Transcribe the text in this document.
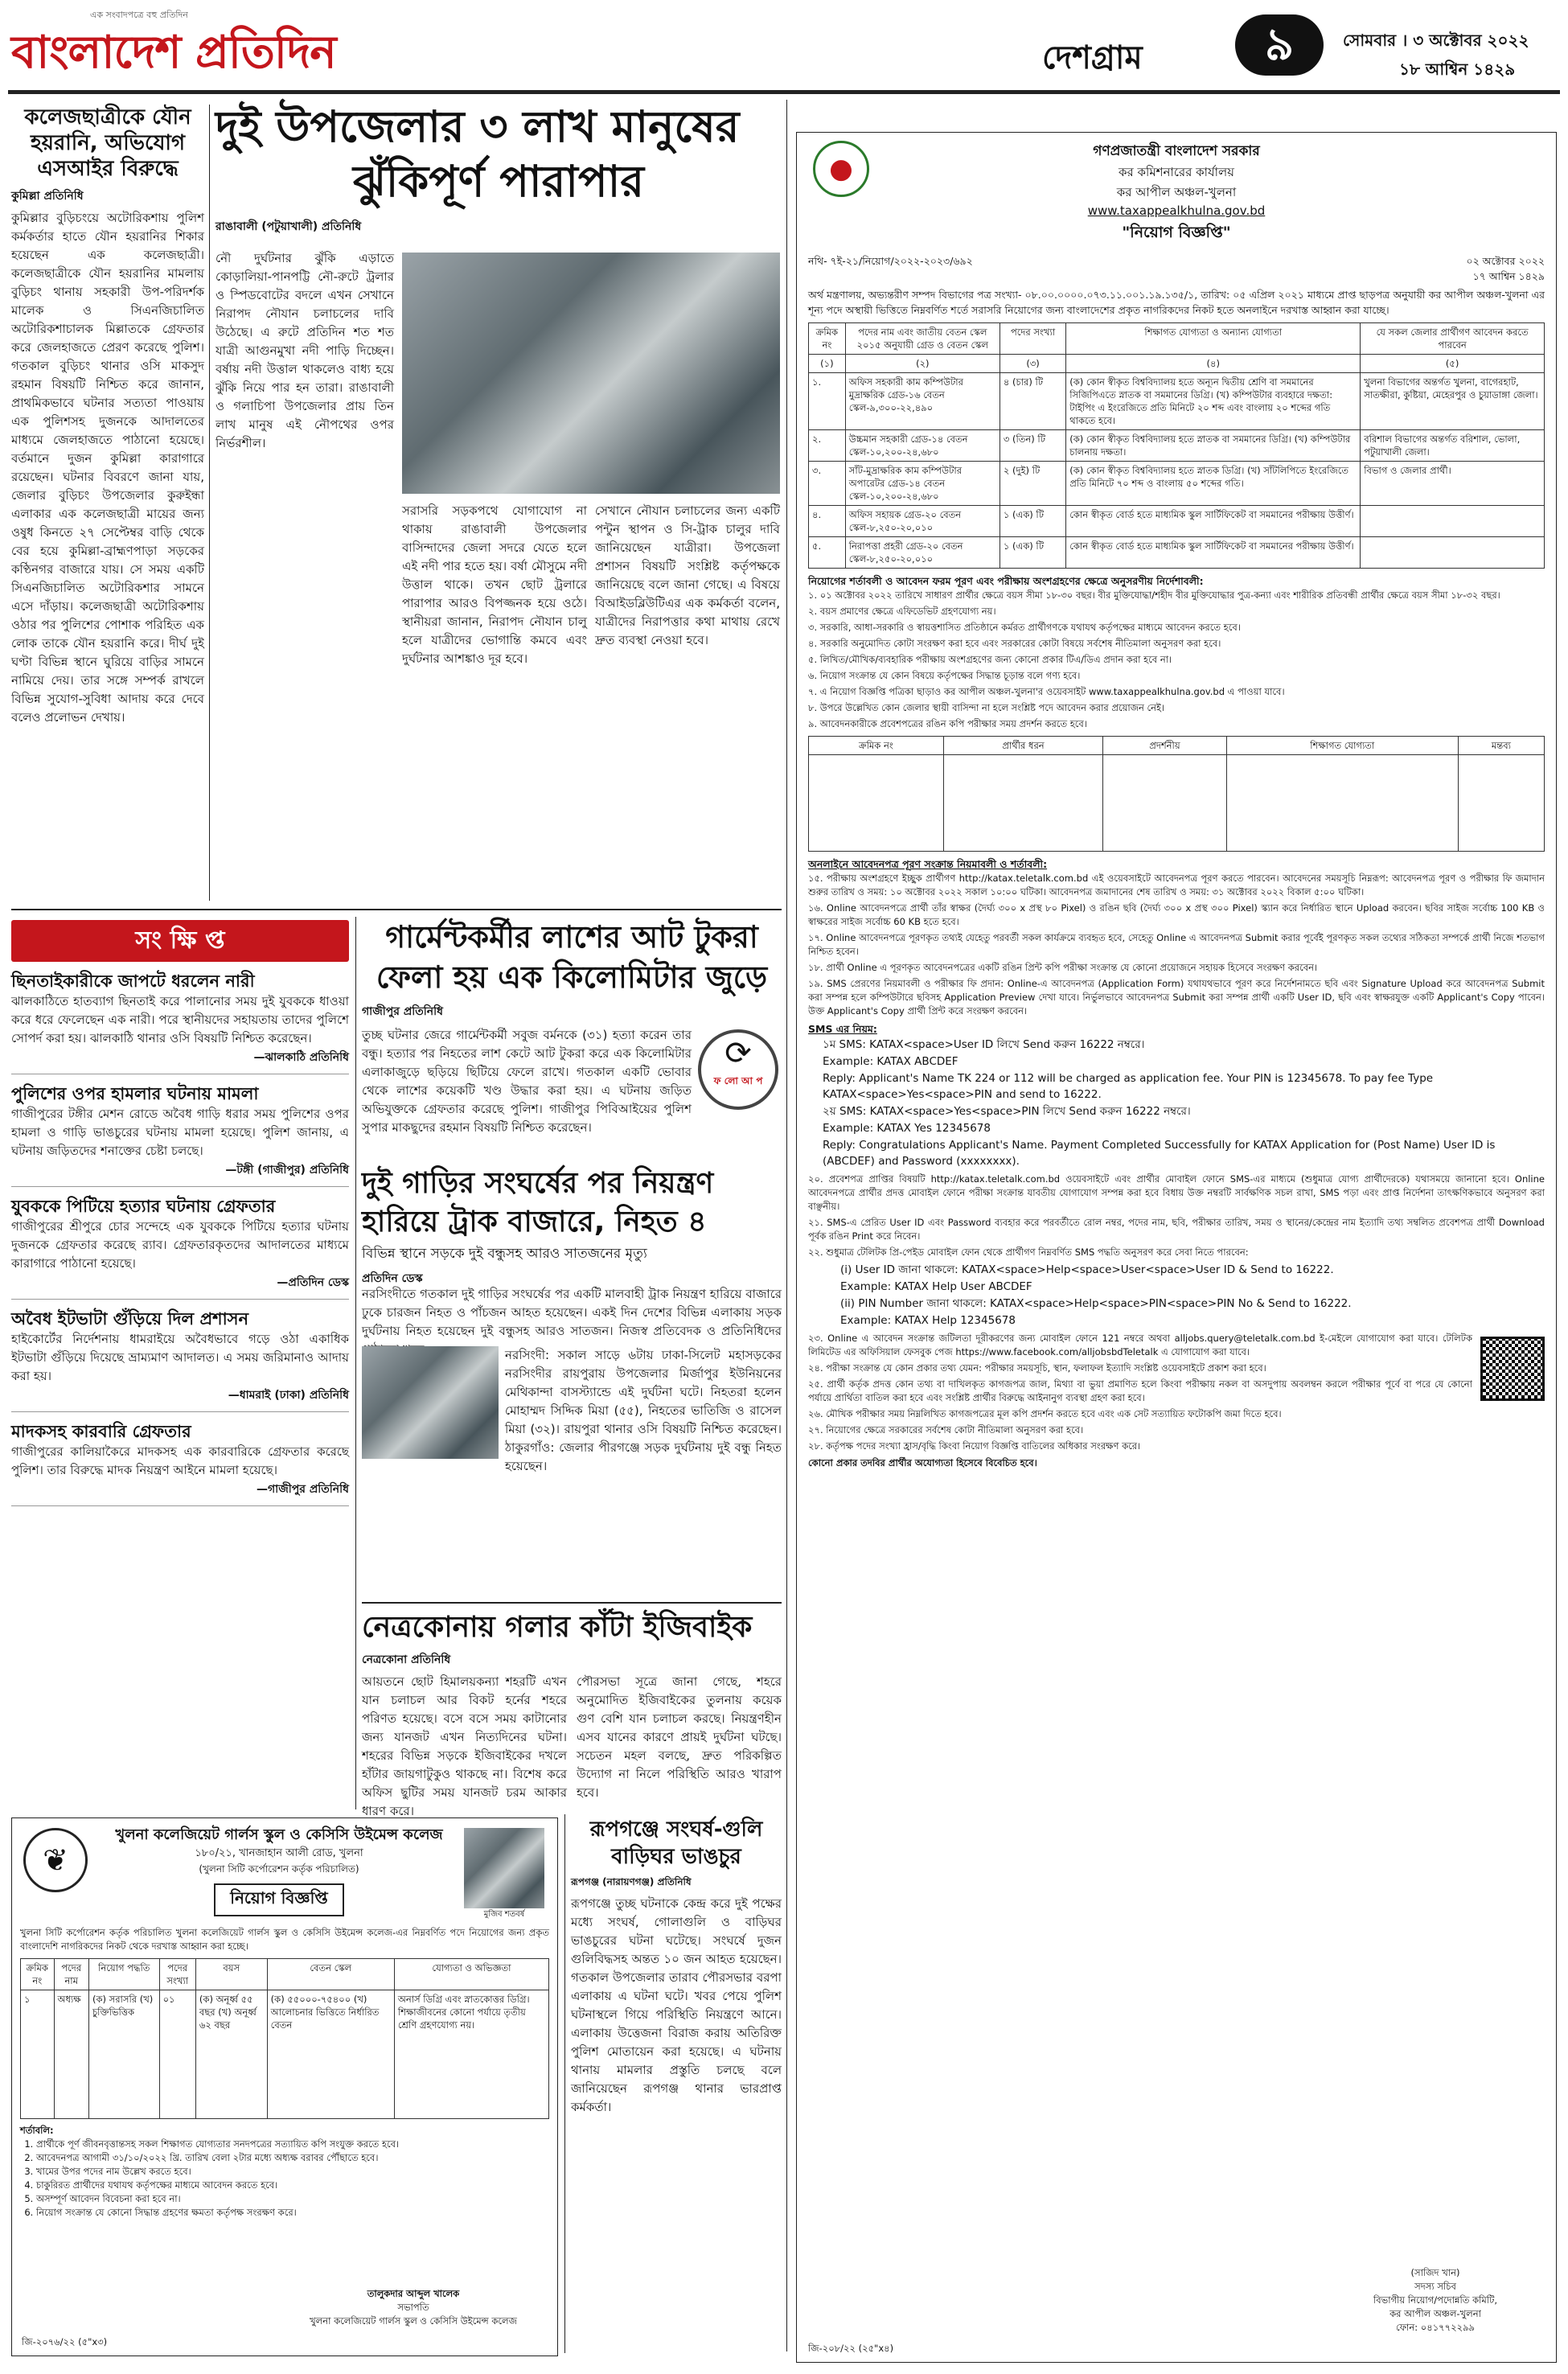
এক সংবাদপত্রে বহু প্রতিদিন
বাংলাদেশ প্রতিদিন	দেশগ্রাম	৯	সোমবার । ৩ অক্টোবর ২০২২
১৮ আশ্বিন ১৪২৯
কলেজছাত্রীকে যৌন হয়রানি, অভিযোগ এসআইর বিরুদ্ধে
কুমিল্লা প্রতিনিধি
কুমিল্লার বুড়িচংয়ে অটোরিকশায় পুলিশ কর্মকর্তার হাতে যৌন হয়রানির শিকার হয়েছেন এক কলেজছাত্রী। কলেজছাত্রীকে যৌন হয়রানির মামলায় বুড়িচং থানায় সহকারী উপ-পরিদর্শক মালেক ও সিএনজিচালিত অটোরিকশাচালক মিল্লাতকে গ্রেফতার করে জেলহাজতে প্রেরণ করেছে পুলিশ। গতকাল বুড়িচং থানার ওসি মাকসুদ রহমান বিষয়টি নিশ্চিত করে জানান, প্রাথমিকভাবে ঘটনার সত্যতা পাওয়ায় এক পুলিশসহ দুজনকে আদালতের মাধ্যমে জেলহাজতে পাঠানো হয়েছে। বর্তমানে দুজন কুমিল্লা কারাগারে রয়েছেন। ঘটনার বিবরণে জানা যায়, জেলার বুড়িচং উপজেলার কুরুইন্ধা এলাকার এক কলেজছাত্রী মায়ের জন্য ওষুধ কিনতে ২৭ সেপ্টেম্বর বাড়ি থেকে বের হয়ে কুমিল্লা-ব্রাহ্মণপাড়া সড়কের কণ্ঠিনগর বাজারে যায়। সে সময় একটি সিএনজিচালিত অটোরিকশার সামনে এসে দাঁড়ায়। কলেজছাত্রী অটোরিকশায় ওঠার পর পুলিশের পোশাক পরিহিত এক লোক তাকে যৌন হয়রানি করে। দীর্ঘ দুই ঘণ্টা বিভিন্ন স্থানে ঘুরিয়ে বাড়ির সামনে নামিয়ে দেয়। তার সঙ্গে সম্পর্ক রাখলে বিভিন্ন সুযোগ-সুবিধা আদায় করে দেবে বলেও প্রলোভন দেখায়।
দুই উপজেলার ৩ লাখ মানুষের
ঝুঁকিপূর্ণ পারাপার
রাঙাবালী (পটুয়াখালী) প্রতিনিধি
নৌ দুর্ঘটনার ঝুঁকি এড়াতে কোড়ালিয়া-পানপট্টি নৌ-রুটে ট্রলার ও স্পিডবোটের বদলে এখন সেখানে নিরাপদ নৌযান চলাচলের দাবি উঠেছে। এ রুটে প্রতিদিন শত শত যাত্রী আগুনমুখা নদী পাড়ি দিচ্ছেন। বর্ষায় নদী উত্তাল থাকলেও বাধ্য হয়ে ঝুঁকি নিয়ে পার হন তারা। রাঙাবালী ও গলাচিপা উপজেলার প্রায় তিন লাখ মানুষ এই নৌপথের ওপর নির্ভরশীল।
সরাসরি সড়কপথে যোগাযোগ না থাকায় রাঙাবালী উপজেলার বাসিন্দাদের জেলা সদরে যেতে হলে এই নদী পার হতে হয়। বর্ষা মৌসুমে নদী উত্তাল থাকে। তখন ছোট ট্রলারে পারাপার আরও বিপজ্জনক হয়ে ওঠে। স্থানীয়রা জানান, নিরাপদ নৌযান চালু হলে যাত্রীদের ভোগান্তি কমবে এবং দুর্ঘটনার আশঙ্কাও দূর হবে।
সেখানে নৌযান চলাচলের জন্য একটি পন্টুন স্থাপন ও সি-ট্রাক চালুর দাবি জানিয়েছেন যাত্রীরা। উপজেলা প্রশাসন বিষয়টি সংশ্লিষ্ট কর্তৃপক্ষকে জানিয়েছে বলে জানা গেছে। এ বিষয়ে বিআইডব্লিউটিএর এক কর্মকর্তা বলেন, যাত্রীদের নিরাপত্তার কথা মাথায় রেখে দ্রুত ব্যবস্থা নেওয়া হবে।
সং ক্ষি প্ত
ছিনতাইকারীকে জাপটে ধরলেন নারী
ঝালকাঠিতে হাতব্যাগ ছিনতাই করে পালানোর সময় দুই যুবককে ধাওয়া করে ধরে ফেলেছেন এক নারী। পরে স্থানীয়দের সহায়তায় তাদের পুলিশে সোপর্দ করা হয়। ঝালকাঠি থানার ওসি বিষয়টি নিশ্চিত করেছেন।
—ঝালকাঠি প্রতিনিধি
পুলিশের ওপর হামলার ঘটনায় মামলা
গাজীপুরের টঙ্গীর মেশন রোডে অবৈধ গাড়ি ধরার সময় পুলিশের ওপর হামলা ও গাড়ি ভাঙচুরের ঘটনায় মামলা হয়েছে। পুলিশ জানায়, এ ঘটনায় জড়িতদের শনাক্তের চেষ্টা চলছে।
—টঙ্গী (গাজীপুর) প্রতিনিধি
যুবককে পিটিয়ে হত্যার ঘটনায় গ্রেফতার
গাজীপুরের শ্রীপুরে চোর সন্দেহে এক যুবককে পিটিয়ে হত্যার ঘটনায় দুজনকে গ্রেফতার করেছে র‍্যাব। গ্রেফতারকৃতদের আদালতের মাধ্যমে কারাগারে পাঠানো হয়েছে।
—প্রতিদিন ডেস্ক
অবৈধ ইটভাটা গুঁড়িয়ে দিল প্রশাসন
হাইকোর্টের নির্দেশনায় ধামরাইয়ে অবৈধভাবে গড়ে ওঠা একাধিক ইটভাটা গুঁড়িয়ে দিয়েছে ভ্রাম্যমাণ আদালত। এ সময় জরিমানাও আদায় করা হয়।
—ধামরাই (ঢাকা) প্রতিনিধি
মাদকসহ কারবারি গ্রেফতার
গাজীপুরের কালিয়াকৈরে মাদকসহ এক কারবারিকে গ্রেফতার করেছে পুলিশ। তার বিরুদ্ধে মাদক নিয়ন্ত্রণ আইনে মামলা হয়েছে।
—গাজীপুর প্রতিনিধি
গার্মেন্টকর্মীর লাশের আট টুকরা
ফেলা হয় এক কিলোমিটার জুড়ে
গাজীপুর প্রতিনিধি
তুচ্ছ ঘটনার জেরে গার্মেন্টকর্মী সবুজ বর্মনকে (৩১) হত্যা করেন তার বন্ধু। হত্যার পর নিহতের লাশ কেটে আট টুকরা করে এক কিলোমিটার এলাকাজুড়ে ছড়িয়ে ছিটিয়ে ফেলে রাখে। গতকাল একটি ভোবার থেকে লাশের কয়েকটি খণ্ড উদ্ধার করা হয়। এ ঘটনায় জড়িত অভিযুক্তকে গ্রেফতার করেছে পুলিশ। গাজীপুর পিবিআইয়ের পুলিশ সুপার মাকছুদের রহমান বিষয়টি নিশ্চিত করেছেন।
⟳
ফ লো আ প
দুই গাড়ির সংঘর্ষের পর নিয়ন্ত্রণ
হারিয়ে ট্রাক বাজারে, নিহত ৪
বিভিন্ন স্থানে সড়কে দুই বন্ধুসহ আরও সাতজনের মৃত্যু
প্রতিদিন ডেস্ক
নরসিংদীতে গতকাল দুই গাড়ির সংঘর্ষের পর একটি মালবাহী ট্রাক নিয়ন্ত্রণ হারিয়ে বাজারে ঢুকে চারজন নিহত ও পাঁচজন আহত হয়েছেন। একই দিন দেশের বিভিন্ন এলাকায় সড়ক দুর্ঘটনায় নিহত হয়েছেন দুই বন্ধুসহ আরও সাতজন। নিজস্ব প্রতিবেদক ও প্রতিনিধিদের
নরসিংদী: সকাল সাড়ে ৬টায় ঢাকা-সিলেট মহাসড়কের নরসিংদীর রায়পুরায় উপজেলার মির্জাপুর ইউনিয়নের মেথিকান্দা বাসস্ট্যান্ডে এই দুর্ঘটনা ঘটে। নিহতরা হলেন মোহাম্মদ সিদ্দিক মিয়া (৫৫), নিহতের ভাতিজি ও রাসেল মিয়া (৩২)। রায়পুরা থানার ওসি বিষয়টি নিশ্চিত করেছেন। ঠাকুরগাঁও: জেলার পীরগঞ্জে সড়ক দুর্ঘটনায় দুই বন্ধু নিহত হয়েছেন।
নেত্রকোনায় গলার কাঁটা ইজিবাইক
নেত্রকোনা প্রতিনিধি
আয়তনে ছোট হিমালয়কন্যা শহরটি এখন যান চলাচল আর বিকট হর্নের শহরে পরিণত হয়েছে। বসে বসে সময় কাটানোর জন্য যানজট এখন নিত্যদিনের ঘটনা। শহরের বিভিন্ন সড়কে ইজিবাইকের দখলে হাঁটার জায়গাটুকুও থাকছে না। বিশেষ করে অফিস ছুটির সময় যানজট চরম আকার ধারণ করে।
পৌরসভা সূত্রে জানা গেছে, শহরে অনুমোদিত ইজিবাইকের তুলনায় কয়েক গুণ বেশি যান চলাচল করছে। নিয়ন্ত্রণহীন এসব যানের কারণে প্রায়ই দুর্ঘটনা ঘটছে। সচেতন মহল বলছে, দ্রুত পরিকল্পিত উদ্যোগ না নিলে পরিস্থিতি আরও খারাপ হবে।
❦
মুজিব শতবর্ষ
খুলনা কলেজিয়েট গার্লস স্কুল ও কেসিসি উইমেন্স কলেজ
১৮০/২১, খানজাহান আলী রোড, খুলনা
(খুলনা সিটি কর্পোরেশন কর্তৃক পরিচালিত)
নিয়োগ বিজ্ঞপ্তি
খুলনা সিটি কর্পোরেশন কর্তৃক পরিচালিত খুলনা কলেজিয়েট গার্লস স্কুল ও কেসিসি উইমেন্স কলেজ-এর নিম্নবর্ণিত পদে নিয়োগের জন্য প্রকৃত বাংলাদেশি নাগরিকদের নিকট থেকে দরখাস্ত আহ্বান করা হচ্ছে।
ক্রমিক নং	পদের নাম	নিয়োগ পদ্ধতি	পদের সংখ্যা	বয়স	বেতন স্কেল	যোগ্যতা ও অভিজ্ঞতা
১	অধ্যক্ষ	(ক) সরাসরি (খ) চুক্তিভিত্তিক	০১	(ক) অনূর্ধ্ব ৫৫ বছর (খ) অনূর্ধ্ব ৬২ বছর	(ক) ৫৫০০০-৭৫৪০০ (খ) আলোচনার ভিত্তিতে নির্ধারিত বেতন	অনার্স ডিগ্রি এবং স্নাতকোত্তর ডিগ্রি। শিক্ষাজীবনের কোনো পর্যায়ে তৃতীয় শ্রেণি গ্রহণযোগ্য নয়।
শর্তাবলি:
1. প্রার্থীকে পূর্ণ জীবনবৃত্তান্তসহ সকল শিক্ষাগত যোগ্যতার সনদপত্রের সত্যায়িত কপি সংযুক্ত করতে হবে।
2. আবেদনপত্র আগামী ৩১/১০/২০২২ খ্রি. তারিখ বেলা ২টার মধ্যে অধ্যক্ষ বরাবর পৌঁছাতে হবে।
3. খামের উপর পদের নাম উল্লেখ করতে হবে।
4. চাকুরিরত প্রার্থীদের যথাযথ কর্তৃপক্ষের মাধ্যমে আবেদন করতে হবে।
5. অসম্পূর্ণ আবেদন বিবেচনা করা হবে না।
6. নিয়োগ সংক্রান্ত যে কোনো সিদ্ধান্ত গ্রহণের ক্ষমতা কর্তৃপক্ষ সংরক্ষণ করে।
তালুকদার আব্দুল খালেক
সভাপতি
খুলনা কলেজিয়েট গার্লস স্কুল ও কেসিসি উইমেন্স কলেজ
জি-২০৭৬/২২ (৫"x৩)
রূপগঞ্জে সংঘর্ষ-গুলি
বাড়িঘর ভাঙচুর
রূপগঞ্জ (নারায়ণগঞ্জ) প্রতিনিধি
রূপগঞ্জে তুচ্ছ ঘটনাকে কেন্দ্র করে দুই পক্ষের মধ্যে সংঘর্ষ, গোলাগুলি ও বাড়িঘর ভাঙচুরের ঘটনা ঘটেছে। সংঘর্ষে দুজন গুলিবিদ্ধসহ অন্তত ১০ জন আহত হয়েছেন। গতকাল উপজেলার তারাব পৌরসভার বরপা এলাকায় এ ঘটনা ঘটে। খবর পেয়ে পুলিশ ঘটনাস্থলে গিয়ে পরিস্থিতি নিয়ন্ত্রণে আনে। এলাকায় উত্তেজনা বিরাজ করায় অতিরিক্ত পুলিশ মোতায়েন করা হয়েছে। এ ঘটনায় থানায় মামলার প্রস্তুতি চলছে বলে জানিয়েছেন রূপগঞ্জ থানার ভারপ্রাপ্ত কর্মকর্তা।
গণপ্রজাতন্ত্রী বাংলাদেশ সরকার
কর কমিশনারের কার্যালয়
কর আপীল অঞ্চল-খুলনা
www.taxappealkhulna.gov.bd
"নিয়োগ বিজ্ঞপ্তি"
●
নথি- ৭ই-২১/নিয়োগ/২০২২-২০২৩/৬৯২	০২ অক্টোবর ২০২২
১৭ আশ্বিন ১৪২৯
অর্থ মন্ত্রণালয়, অভ্যন্তরীণ সম্পদ বিভাগের পত্র সংখ্যা- ০৮.০০.০০০০.০৭৩.১১.০০১.১৯.১৩৫/১, তারিখ: ০৫ এপ্রিল ২০২১ মাধ্যমে প্রাপ্ত ছাড়পত্র অনুযায়ী কর আপীল অঞ্চল-খুলনা এর শূন্য পদে অস্থায়ী ভিত্তিতে নিম্নবর্ণিত শর্তে সরাসরি নিয়োগের জন্য বাংলাদেশের প্রকৃত নাগরিকদের নিকট হতে অনলাইনে দরখাস্ত আহ্বান করা যাচ্ছে।
ক্রমিক নং	পদের নাম এবং জাতীয় বেতন স্কেল ২০১৫ অনুযায়ী গ্রেড ও বেতন স্কেল	পদের সংখ্যা	শিক্ষাগত যোগ্যতা ও অন্যান্য যোগ্যতা	যে সকল জেলার প্রার্থীগণ আবেদন করতে পারবেন
(১)	(২)	(৩)	(৪)	(৫)
১.	অফিস সহকারী কাম কম্পিউটার মুদ্রাক্ষরিক গ্রেড-১৬ বেতন স্কেল-৯,৩০০-২২,৪৯০	৪ (চার) টি	(ক) কোন স্বীকৃত বিশ্ববিদ্যালয় হতে অন্যূন দ্বিতীয় শ্রেণি বা সমমানের সিজিপিএতে স্নাতক বা সমমানের ডিগ্রি। (খ) কম্পিউটার ব্যবহারে দক্ষতা: টাইপিং এ ইংরেজিতে প্রতি মিনিটে ২০ শব্দ এবং বাংলায় ২০ শব্দের গতি থাকতে হবে।	খুলনা বিভাগের অন্তর্গত খুলনা, বাগেরহাট, সাতক্ষীরা, কুষ্টিয়া, মেহেরপুর ও চুয়াডাঙ্গা জেলা।
২.	উচ্চমান সহকারী গ্রেড-১৪ বেতন স্কেল-১০,২০০-২৪,৬৮০	৩ (তিন) টি	(ক) কোন স্বীকৃত বিশ্ববিদ্যালয় হতে স্নাতক বা সমমানের ডিগ্রি। (খ) কম্পিউটার চালনায় দক্ষতা।	বরিশাল বিভাগের অন্তর্গত বরিশাল, ভোলা, পটুয়াখালী জেলা।
৩.	সাঁট-মুদ্রাক্ষরিক কাম কম্পিউটার অপারেটর গ্রেড-১৪ বেতন স্কেল-১০,২০০-২৪,৬৮০	২ (দুই) টি	(ক) কোন স্বীকৃত বিশ্ববিদ্যালয় হতে স্নাতক ডিগ্রি। (খ) সাঁটলিপিতে ইংরেজিতে প্রতি মিনিটে ৭০ শব্দ ও বাংলায় ৫০ শব্দের গতি।	বিভাগ ও জেলার প্রার্থী।
৪.	অফিস সহায়ক গ্রেড-২০ বেতন স্কেল-৮,২৫০-২০,০১০	১ (এক) টি	কোন স্বীকৃত বোর্ড হতে মাধ্যমিক স্কুল সার্টিফিকেট বা সমমানের পরীক্ষায় উত্তীর্ণ।	
৫.	নিরাপত্তা প্রহরী গ্রেড-২০ বেতন স্কেল-৮,২৫০-২০,০১০	১ (এক) টি	কোন স্বীকৃত বোর্ড হতে মাধ্যমিক স্কুল সার্টিফিকেট বা সমমানের পরীক্ষায় উত্তীর্ণ।	
নিয়োগের শর্তাবলী ও আবেদন ফরম পূরণ এবং পরীক্ষায় অংশগ্রহণের ক্ষেত্রে অনুসরণীয় নির্দেশাবলী:
১. ০১ অক্টোবর ২০২২ তারিখে সাধারণ প্রার্থীর ক্ষেত্রে বয়স সীমা ১৮-৩০ বছর। বীর মুক্তিযোদ্ধা/শহীদ বীর মুক্তিযোদ্ধার পুত্র-কন্যা এবং শারীরিক প্রতিবন্ধী প্রার্থীর ক্ষেত্রে বয়স সীমা ১৮-৩২ বছর।
২. বয়স প্রমাণের ক্ষেত্রে এফিডেভিট গ্রহণযোগ্য নয়।
৩. সরকারি, আধা-সরকারি ও স্বায়ত্তশাসিত প্রতিষ্ঠানে কর্মরত প্রার্থীগণকে যথাযথ কর্তৃপক্ষের মাধ্যমে আবেদন করতে হবে।
৪. সরকারি অনুমোদিত কোটা সংরক্ষণ করা হবে এবং সরকারের কোটা বিষয়ে সর্বশেষ নীতিমালা অনুসরণ করা হবে।
৫. লিখিত/মৌখিক/ব্যবহারিক পরীক্ষায় অংশগ্রহণের জন্য কোনো প্রকার টিএ/ডিএ প্রদান করা হবে না।
৬. নিয়োগ সংক্রান্ত যে কোন বিষয়ে কর্তৃপক্ষের সিদ্ধান্ত চূড়ান্ত বলে গণ্য হবে।
৭. এ নিয়োগ বিজ্ঞপ্তি পত্রিকা ছাড়াও কর আপীল অঞ্চল-খুলনা'র ওয়েবসাইট www.taxappealkhulna.gov.bd এ পাওয়া যাবে।
৮. উপরে উল্লেখিত কোন জেলার স্থায়ী বাসিন্দা না হলে সংশ্লিষ্ট পদে আবেদন করার প্রয়োজন নেই।
৯. আবেদনকারীকে প্রবেশপত্রের রঙিন কপি পরীক্ষার সময় প্রদর্শন করতে হবে।
ক্রমিক নং	প্রার্থীর ধরন	প্রদর্শনীয়	শিক্ষাগত যোগ্যতা	মন্তব্য

অনলাইনে আবেদনপত্র পূরণ সংক্রান্ত নিয়মাবলী ও শর্তাবলী:
১৫. পরীক্ষায় অংশগ্রহণে ইচ্ছুক প্রার্থীগণ http://katax.teletalk.com.bd এই ওয়েবসাইটে আবেদনপত্র পূরণ করতে পারবেন। আবেদনের সময়সূচি নিম্নরূপ: আবেদনপত্র পূরণ ও পরীক্ষার ফি জমাদান শুরুর তারিখ ও সময়: ১০ অক্টোবর ২০২২ সকাল ১০:০০ ঘটিকা। আবেদনপত্র জমাদানের শেষ তারিখ ও সময়: ৩১ অক্টোবর ২০২২ বিকাল ৫:০০ ঘটিকা।
১৬. Online আবেদনপত্রে প্রার্থী তাঁর স্বাক্ষর (দৈর্ঘ্য ৩০০ x প্রস্থ ৮০ Pixel) ও রঙিন ছবি (দৈর্ঘ্য ৩০০ x প্রস্থ ৩০০ Pixel) স্ক্যান করে নির্ধারিত স্থানে Upload করবেন। ছবির সাইজ সর্বোচ্চ 100 KB ও স্বাক্ষরের সাইজ সর্বোচ্চ 60 KB হতে হবে।
১৭. Online আবেদনপত্রে পূরণকৃত তথ্যই যেহেতু পরবর্তী সকল কার্যক্রমে ব্যবহৃত হবে, সেহেতু Online এ আবেদনপত্র Submit করার পূর্বেই পূরণকৃত সকল তথ্যের সঠিকতা সম্পর্কে প্রার্থী নিজে শতভাগ নিশ্চিত হবেন।
১৮. প্রার্থী Online এ পূরণকৃত আবেদনপত্রের একটি রঙিন প্রিন্ট কপি পরীক্ষা সংক্রান্ত যে কোনো প্রয়োজনে সহায়ক হিসেবে সংরক্ষণ করবেন।
১৯. SMS প্রেরণের নিয়মাবলী ও পরীক্ষার ফি প্রদান: Online-এ আবেদনপত্র (Application Form) যথাযথভাবে পূরণ করে নির্দেশনামতে ছবি এবং Signature Upload করে আবেদনপত্র Submit করা সম্পন্ন হলে কম্পিউটারে ছবিসহ Application Preview দেখা যাবে। নির্ভুলভাবে আবেদনপত্র Submit করা সম্পন্ন প্রার্থী একটি User ID, ছবি এবং স্বাক্ষরযুক্ত একটি Applicant's Copy পাবেন। উক্ত Applicant's Copy প্রার্থী প্রিন্ট করে সংরক্ষণ করবেন।
SMS এর নিয়ম:
১ম SMS: KATAX<space>User ID লিখে Send করুন 16222 নম্বরে।
Example: KATAX ABCDEF
Reply: Applicant's Name TK 224 or 112 will be charged as application fee. Your PIN is 12345678. To pay fee Type KATAX<space>Yes<space>PIN and send to 16222.
২য় SMS: KATAX<space>Yes<space>PIN লিখে Send করুন 16222 নম্বরে।
Example: KATAX Yes 12345678
Reply: Congratulations Applicant's Name. Payment Completed Successfully for KATAX Application for (Post Name) User ID is (ABCDEF) and Password (xxxxxxxx).
২০. প্রবেশপত্র প্রাপ্তির বিষয়টি http://katax.teletalk.com.bd ওয়েবসাইটে এবং প্রার্থীর মোবাইল ফোনে SMS-এর মাধ্যমে (শুধুমাত্র যোগ্য প্রার্থীদেরকে) যথাসময়ে জানানো হবে। Online আবেদনপত্রে প্রার্থীর প্রদত্ত মোবাইল ফোনে পরীক্ষা সংক্রান্ত যাবতীয় যোগাযোগ সম্পন্ন করা হবে বিধায় উক্ত নম্বরটি সার্বক্ষণিক সচল রাখা, SMS পড়া এবং প্রাপ্ত নির্দেশনা তাৎক্ষণিকভাবে অনুসরণ করা বাঞ্ছনীয়।
২১. SMS-এ প্রেরিত User ID এবং Password ব্যবহার করে পরবর্তীতে রোল নম্বর, পদের নাম, ছবি, পরীক্ষার তারিখ, সময় ও স্থানের/কেন্দ্রের নাম ইত্যাদি তথ্য সম্বলিত প্রবেশপত্র প্রার্থী Download পূর্বক রঙিন Print করে নিবেন।
২২. শুধুমাত্র টেলিটক প্রি-পেইড মোবাইল ফোন থেকে প্রার্থীগণ নিম্নবর্ণিত SMS পদ্ধতি অনুসরণ করে সেবা নিতে পারবেন:
(i) User ID জানা থাকলে: KATAX<space>Help<space>User<space>User ID & Send to 16222.
Example: KATAX Help User ABCDEF
(ii) PIN Number জানা থাকলে: KATAX<space>Help<space>PIN<space>PIN No & Send to 16222.
Example: KATAX Help 12345678
২৩. Online এ আবেদন সংক্রান্ত জটিলতা দূরীকরণের জন্য মোবাইল ফোনে 121 নম্বরে অথবা alljobs.query@teletalk.com.bd ই-মেইলে যোগাযোগ করা যাবে। টেলিটক লিমিটেড এর অফিসিয়াল ফেসবুক পেজ https://www.facebook.com/alljobsbdTeletalk এ যোগাযোগ করা যাবে।
২৪. পরীক্ষা সংক্রান্ত যে কোন প্রকার তথ্য যেমন: পরীক্ষার সময়সূচি, স্থান, ফলাফল ইত্যাদি সংশ্লিষ্ট ওয়েবসাইটে প্রকাশ করা হবে।
২৫. প্রার্থী কর্তৃক প্রদত্ত কোন তথ্য বা দাখিলকৃত কাগজপত্র জাল, মিথ্যা বা ভুয়া প্রমাণিত হলে কিংবা পরীক্ষায় নকল বা অসদুপায় অবলম্বন করলে পরীক্ষার পূর্বে বা পরে যে কোনো পর্যায়ে প্রার্থিতা বাতিল করা হবে এবং সংশ্লিষ্ট প্রার্থীর বিরুদ্ধে আইনানুগ ব্যবস্থা গ্রহণ করা হবে।
২৬. মৌখিক পরীক্ষার সময় নিম্নলিখিত কাগজপত্রের মূল কপি প্রদর্শন করতে হবে এবং এক সেট সত্যায়িত ফটোকপি জমা দিতে হবে।
২৭. নিয়োগের ক্ষেত্রে সরকারের সর্বশেষ কোটা নীতিমালা অনুসরণ করা হবে।
২৮. কর্তৃপক্ষ পদের সংখ্যা হ্রাস/বৃদ্ধি কিংবা নিয়োগ বিজ্ঞপ্তি বাতিলের অধিকার সংরক্ষণ করে।
কোনো প্রকার তদবির প্রার্থীর অযোগ্যতা হিসেবে বিবেচিত হবে।
(সাজিদ খান)
সদস্য সচিব
বিভাগীয় নিয়োগ/পদোন্নতি কমিটি,
কর আপীল অঞ্চল-খুলনা
ফোন: ০৪১৭৭২২৯৯
জি-২০৮/২২ (২৫"x৪)
